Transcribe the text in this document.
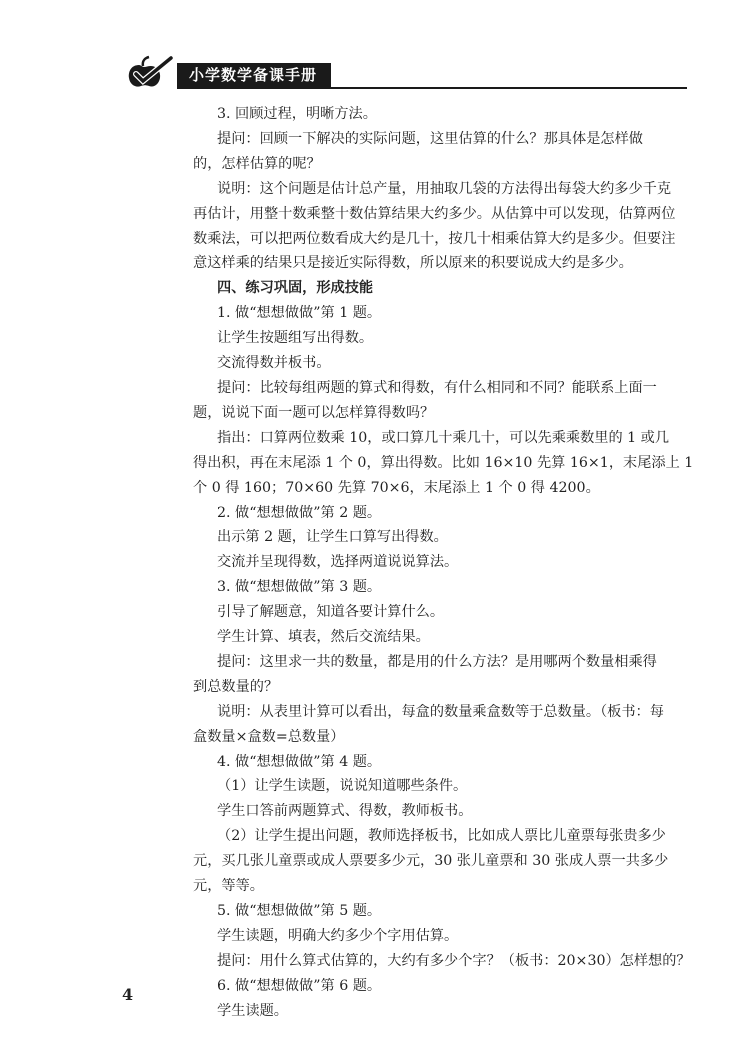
小学数学备课手册
3. 回顾过程，明晰方法。
提问：回顾一下解决的实际问题，这里估算的什么？那具体是怎样做
的，怎样估算的呢？
说明：这个问题是估计总产量，用抽取几袋的方法得出每袋大约多少千克
再估计，用整十数乘整十数估算结果大约多少。从估算中可以发现，估算两位
数乘法，可以把两位数看成大约是几十，按几十相乘估算大约是多少。但要注
意这样乘的结果只是接近实际得数，所以原来的积要说成大约是多少。
四、练习巩固，形成技能
1. 做“想想做做”第 1 题。
让学生按题组写出得数。
交流得数并板书。
提问：比较每组两题的算式和得数，有什么相同和不同？能联系上面一
题，说说下面一题可以怎样算得数吗？
指出：口算两位数乘 10，或口算几十乘几十，可以先乘乘数里的 1 或几
得出积，再在末尾添 1 个 0，算出得数。比如 16×10 先算 16×1，末尾添上 1
个 0 得 160；70×60 先算 70×6，末尾添上 1 个 0 得 4200。
2. 做“想想做做”第 2 题。
出示第 2 题，让学生口算写出得数。
交流并呈现得数，选择两道说说算法。
3. 做“想想做做”第 3 题。
引导了解题意，知道各要计算什么。
学生计算、填表，然后交流结果。
提问：这里求一共的数量，都是用的什么方法？是用哪两个数量相乘得
到总数量的？
说明：从表里计算可以看出，每盒的数量乘盒数等于总数量。（板书：每
盒数量×盒数=总数量）
4. 做“想想做做”第 4 题。
（1）让学生读题，说说知道哪些条件。
学生口答前两题算式、得数，教师板书。
（2）让学生提出问题，教师选择板书，比如成人票比儿童票每张贵多少
元，买几张儿童票或成人票要多少元，30 张儿童票和 30 张成人票一共多少
元，等等。
5. 做“想想做做”第 5 题。
学生读题，明确大约多少个字用估算。
提问：用什么算式估算的，大约有多少个字？（板书：20×30）怎样想的？
6. 做“想想做做”第 6 题。
学生读题。
4
